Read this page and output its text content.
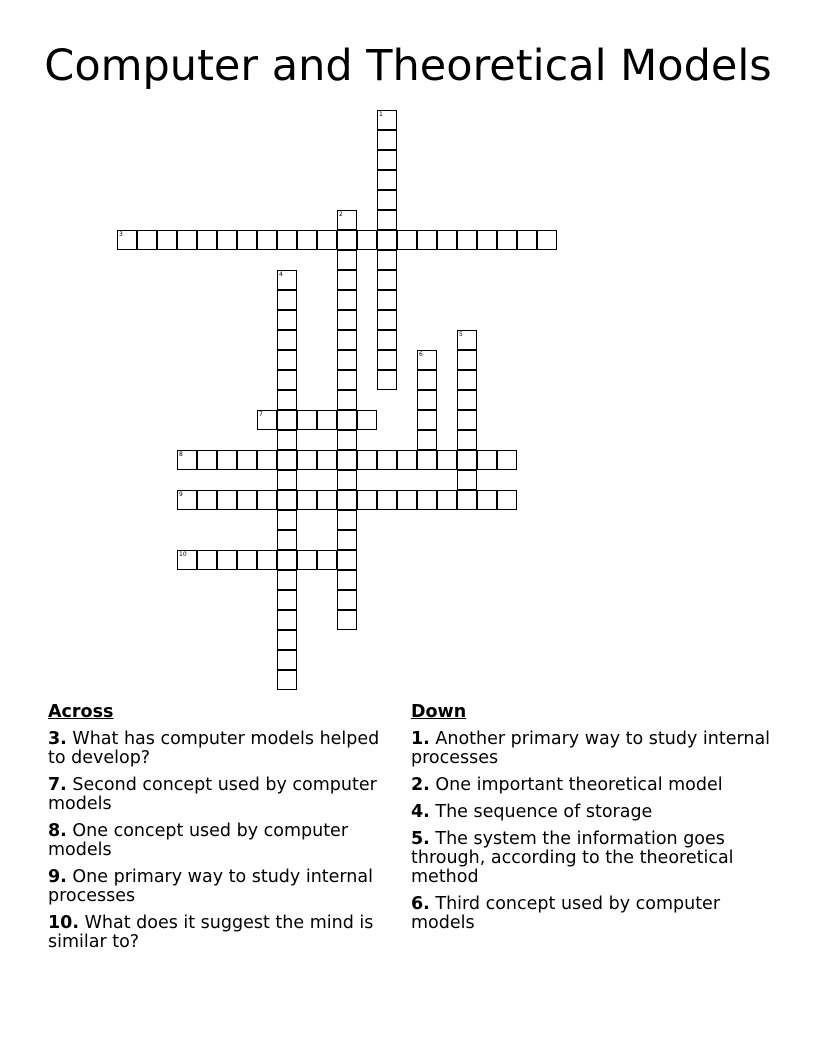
Computer and Theoretical Models
1
2
3
4
5
6
7
8
9
10
Across
3. What has computer models helped to develop?
7. Second concept used by computer models
8. One concept used by computer models
9. One primary way to study internal processes
10. What does it suggest the mind is similar to?
Down
1. Another primary way to study internal processes
2. One important theoretical model
4. The sequence of storage
5. The system the information goes through, according to the theoretical method
6. Third concept used by computer models
